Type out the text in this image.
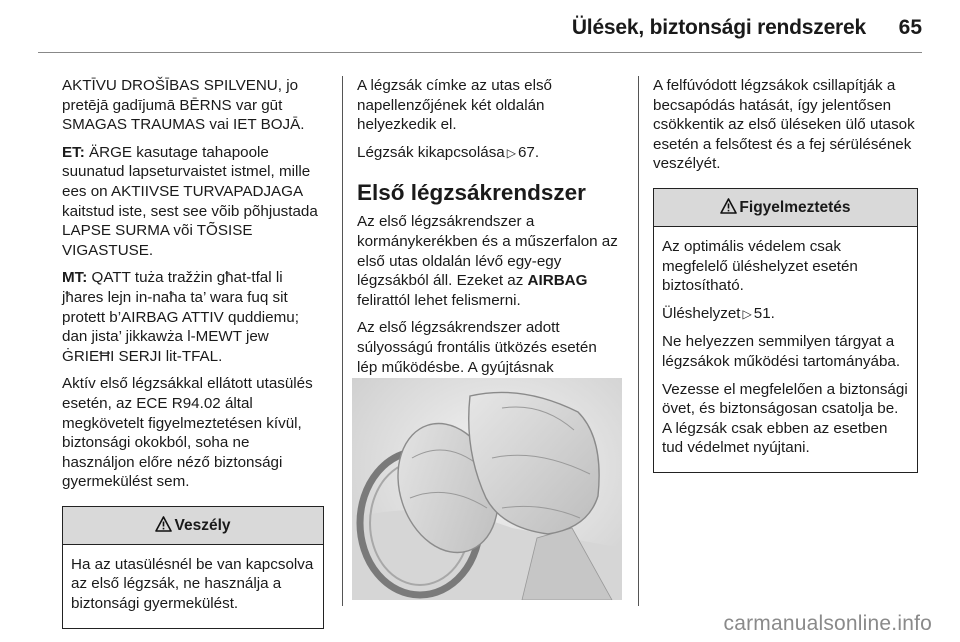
Ülések, biztonsági rendszerek 65

AKTĪVU DROŠĪBAS SPILVENU, jo pretējā gadījumā BĒRNS var gūt SMAGAS TRAUMAS vai IET BOJĀ.

ET: ÄRGE kasutage tahapoole suunatud lapseturvaistet istmel, mille ees on AKTIIVSE TURVAPADJAGA kaitstud iste, sest see võib põhjustada LAPSE SURMA või TÕSISE VIGASTUSE.

MT: QATT tuża tražżin għat-tfal li jħares lejn in-naħa ta’ wara fuq sit protett b’AIRBAG ATTIV quddiemu; dan jista’ jikkawża l-MEWT jew ĠRIEĦI SERJI lit-TFAL.

Aktív első légzsákkal ellátott utasülés esetén, az ECE R94.02 által megkövetelt figyelmeztetésen kívül, biztonsági okokból, soha ne használjon előre néző biztonsági gyermekülést sem.

Veszély

Ha az utasülésnél be van kapcsolva az első légzsák, ne használja a biztonsági gyermekülést.

A légzsák címke az utas első napellenzőjének két oldalán helyezkedik el.

Légzsák kikapcsolása ▷ 67.

Első légzsákrendszer

Az első légzsákrendszer a kormánykerékben és a műszerfalon az első utas oldalán lévő egy-egy légzsákból áll. Ezeket az AIRBAG felirattól lehet felismerni.

Az első légzsákrendszer adott súlyosságú frontális ütközés esetén lép működésbe. A gyújtásnak

A felfúvódott légzsákok csillapítják a becsapódás hatását, így jelentősen csökkentik az első üléseken ülő utasok esetén a felsőtest és a fej sérülésének veszélyét.

Figyelmeztetés

Az optimális védelem csak megfelelő üléshelyzet esetén biztosítható.

Üléshelyzet ▷ 51.

Ne helyezzen semmilyen tárgyat a légzsákok működési tartományába.

Vezesse el megfelelően a biztonsági övet, és biztonságosan csatolja be. A légzsák csak ebben az esetben tud védelmet nyújtani.

carmanualsonline.info
